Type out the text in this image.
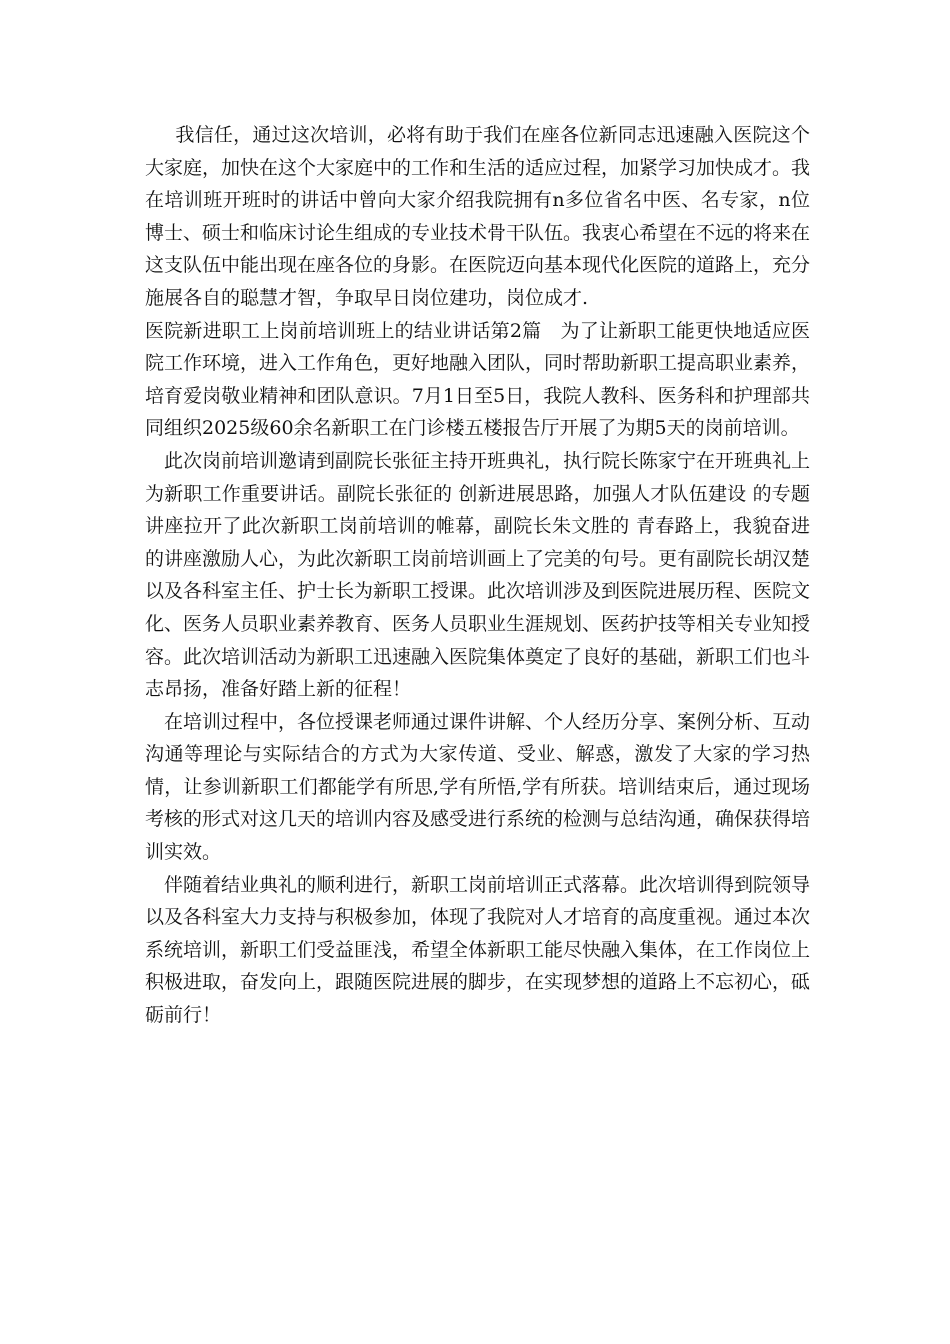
我信任，通过这次培训，必将有助于我们在座各位新同志迅速融入医院这个大家庭，加快在这个大家庭中的工作和生活的适应过程，加紧学习加快成才。我在培训班开班时的讲话中曾向大家介绍我院拥有n多位省名中医、名专家，n位博士、硕士和临床讨论生组成的专业技术骨干队伍。我衷心希望在不远的将来在这支队伍中能出现在座各位的身影。在医院迈向基本现代化医院的道路上，充分施展各自的聪慧才智，争取早日岗位建功，岗位成才.

医院新进职工上岗前培训班上的结业讲话第2篇　为了让新职工能更快地适应医院工作环境，进入工作角色，更好地融入团队，同时帮助新职工提高职业素养，培育爱岗敬业精神和团队意识。7月1日至5日，我院人教科、医务科和护理部共同组织2025级60余名新职工在门诊楼五楼报告厅开展了为期5天的岗前培训。

此次岗前培训邀请到副院长张征主持开班典礼，执行院长陈家宁在开班典礼上为新职工作重要讲话。副院长张征的 创新进展思路，加强人才队伍建设 的专题讲座拉开了此次新职工岗前培训的帷幕，副院长朱文胜的 青春路上，我貌奋进 的讲座激励人心，为此次新职工岗前培训画上了完美的句号。更有副院长胡汉楚以及各科室主任、护士长为新职工授课。此次培训涉及到医院进展历程、医院文化、医务人员职业素养教育、医务人员职业生涯规划、医药护技等相关专业知授容。此次培训活动为新职工迅速融入医院集体奠定了良好的基础，新职工们也斗志昂扬，准备好踏上新的征程！

在培训过程中，各位授课老师通过课件讲解、个人经历分享、案例分析、互动沟通等理论与实际结合的方式为大家传道、受业、解惑，激发了大家的学习热情，让参训新职工们都能学有所思,学有所悟,学有所获。培训结束后，通过现场考核的形式对这几天的培训内容及感受进行系统的检测与总结沟通，确保获得培训实效。

伴随着结业典礼的顺利进行，新职工岗前培训正式落幕。此次培训得到院领导以及各科室大力支持与积极参加，体现了我院对人才培育的高度重视。通过本次系统培训，新职工们受益匪浅，希望全体新职工能尽快融入集体，在工作岗位上积极进取，奋发向上，跟随医院进展的脚步，在实现梦想的道路上不忘初心，砥砺前行！
